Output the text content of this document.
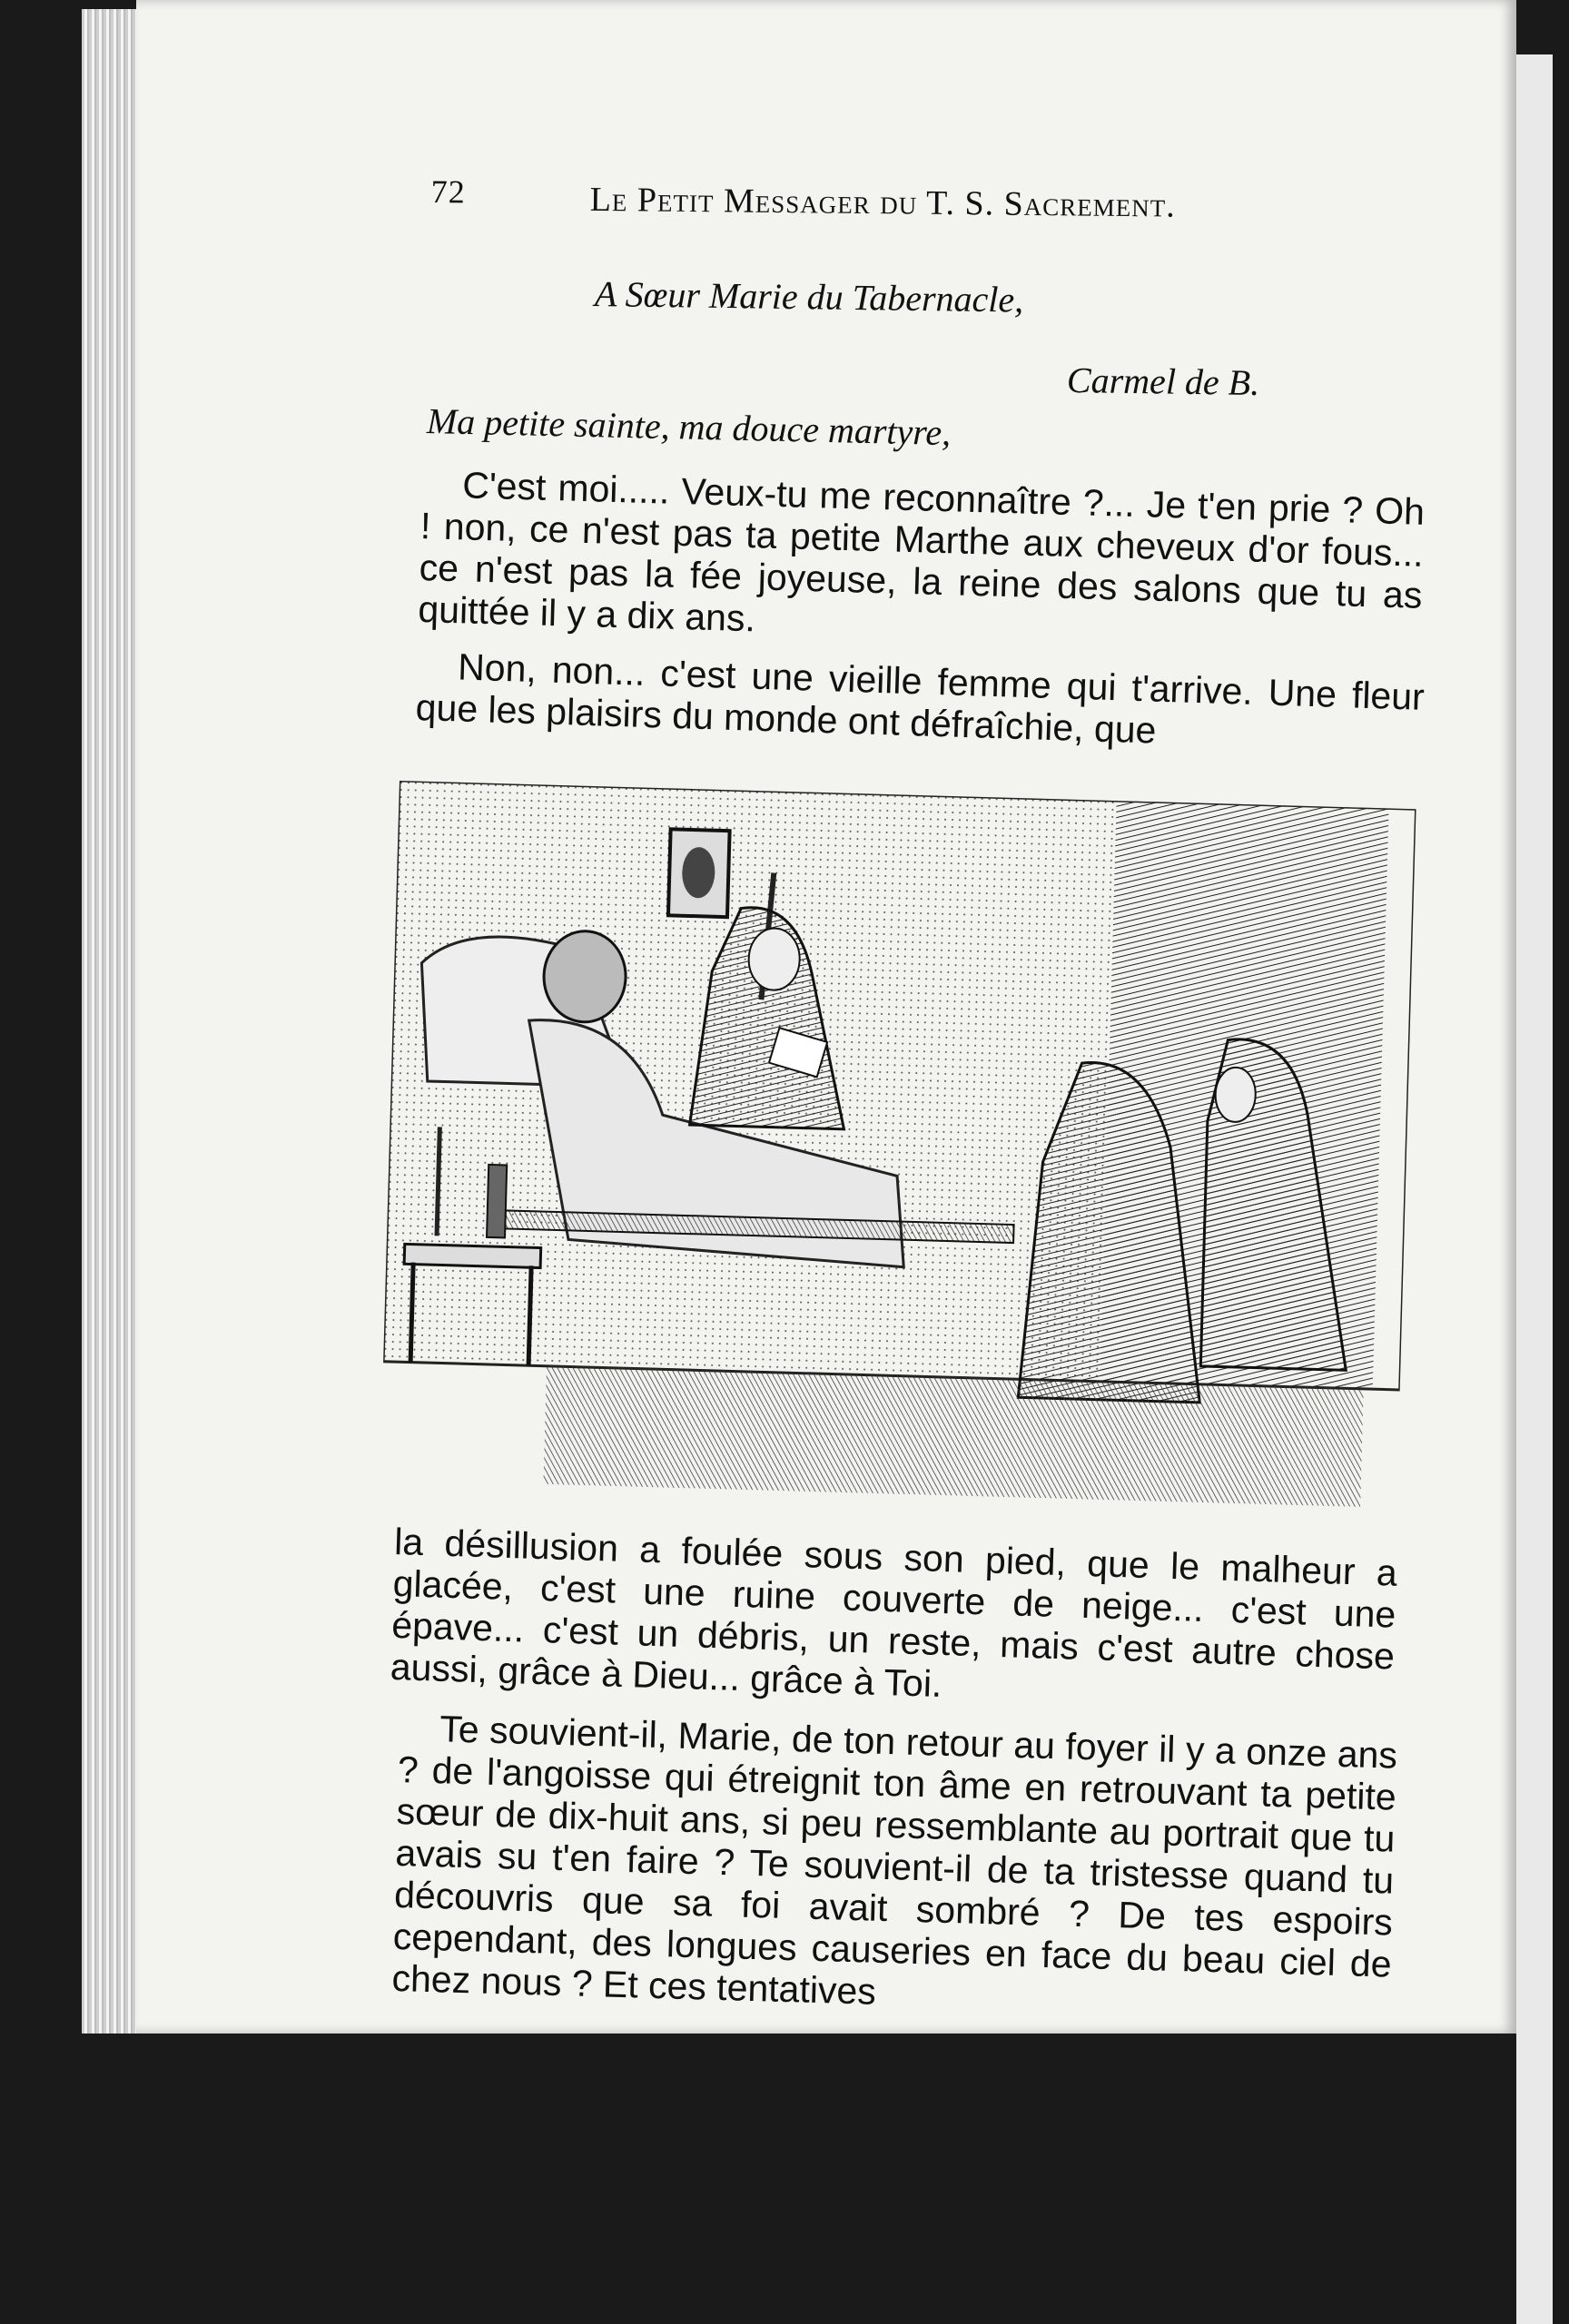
72	Le Petit Messager du T. S. Sacrement.
A Sœur Marie du Tabernacle,
Carmel de B.
Ma petite sainte, ma douce martyre,

C'est moi..... Veux-tu me reconnaître ?... Je t'en prie ? Oh ! non, ce n'est pas ta petite Marthe aux cheveux d'or fous... ce n'est pas la fée joyeuse, la reine des salons que tu as quittée il y a dix ans.

Non, non... c'est une vieille femme qui t'arrive. Une fleur que les plaisirs du monde ont défraîchie, que

la désillusion a foulée sous son pied, que le malheur a glacée, c'est une ruine couverte de neige... c'est une épave... c'est un débris, un reste, mais c'est autre chose aussi, grâce à Dieu... grâce à Toi.

Te souvient-il, Marie, de ton retour au foyer il y a onze ans ? de l'angoisse qui étreignit ton âme en retrouvant ta petite sœur de dix-huit ans, si peu ressemblante au portrait que tu avais su t'en faire ? Te souvient-il de ta tristesse quand tu découvris que sa foi avait sombré ? De tes espoirs cependant, des longues causeries en face du beau ciel de chez nous ? Et ces tentatives
